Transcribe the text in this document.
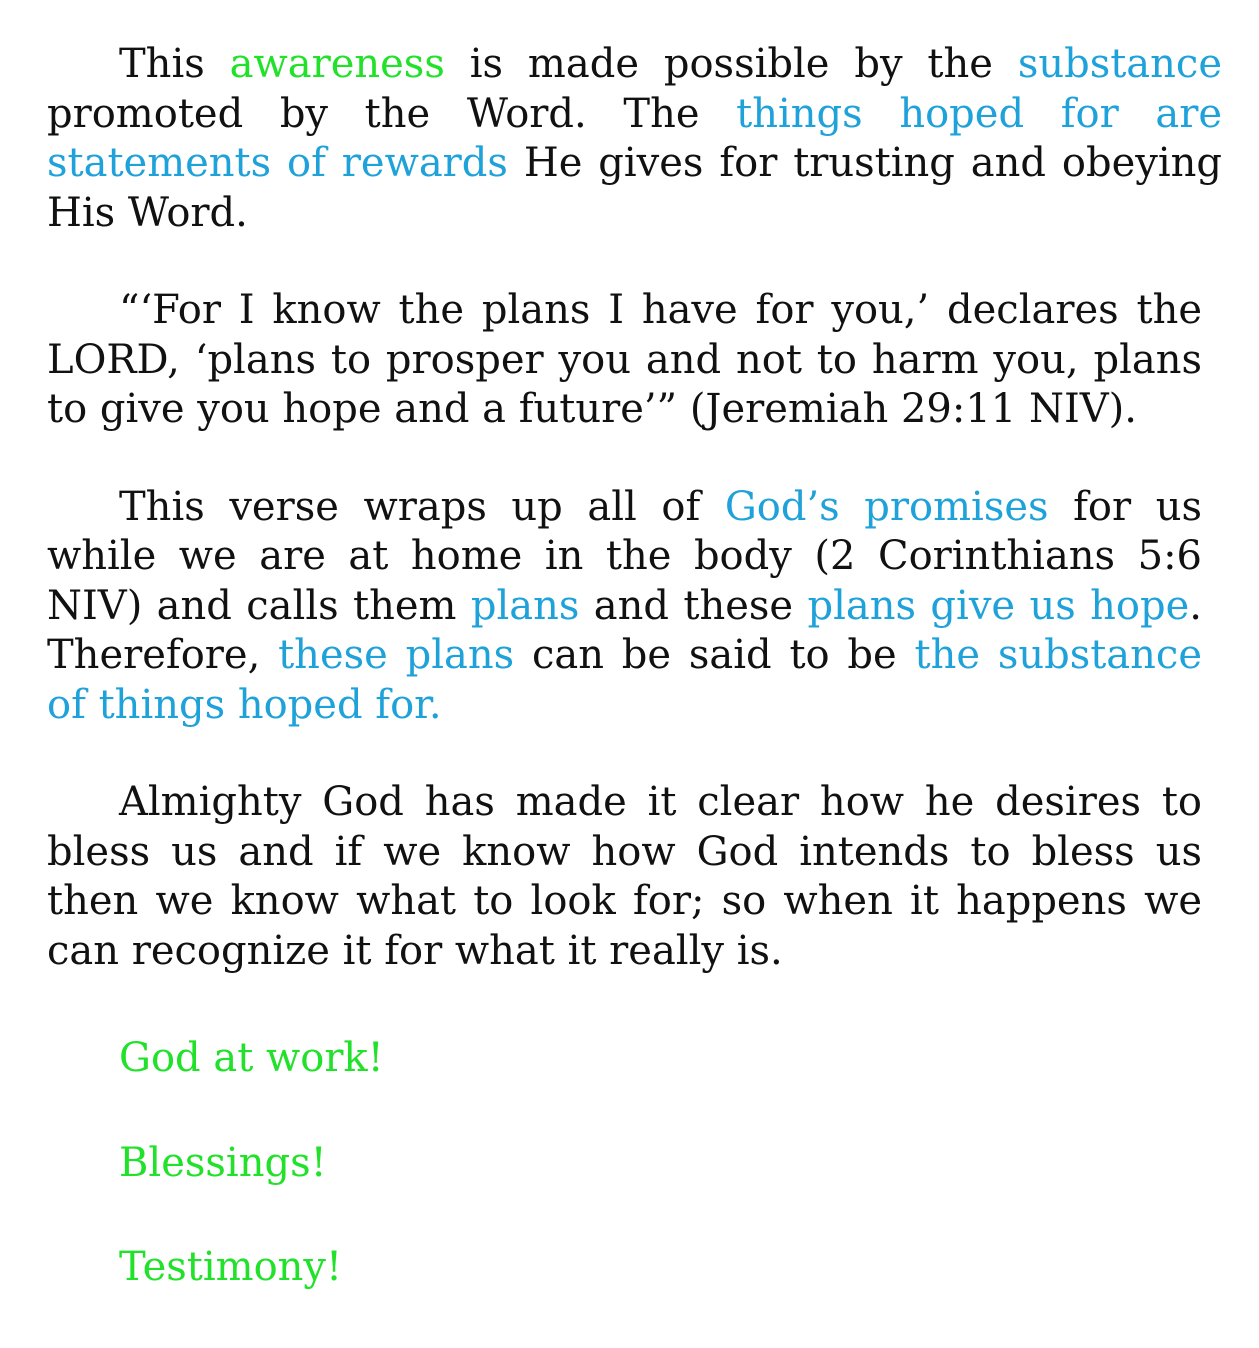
This awareness is made possible by the substance promoted by the Word. The things hoped for are statements of rewards He gives for trusting and obeying His Word.

“‘For I know the plans I have for you,’ declares the LORD, ‘plans to prosper you and not to harm you, plans to give you hope and a future’” (Jeremiah 29:11 NIV).

This verse wraps up all of God’s promises for us while we are at home in the body (2 Corinthians 5:6 NIV) and calls them plans and these plans give us hope. Therefore, these plans can be said to be the substance of things hoped for.

Almighty God has made it clear how he desires to bless us and if we know how God intends to bless us then we know what to look for; so when it happens we can recognize it for what it really is.

God at work!

Blessings!

Testimony!
